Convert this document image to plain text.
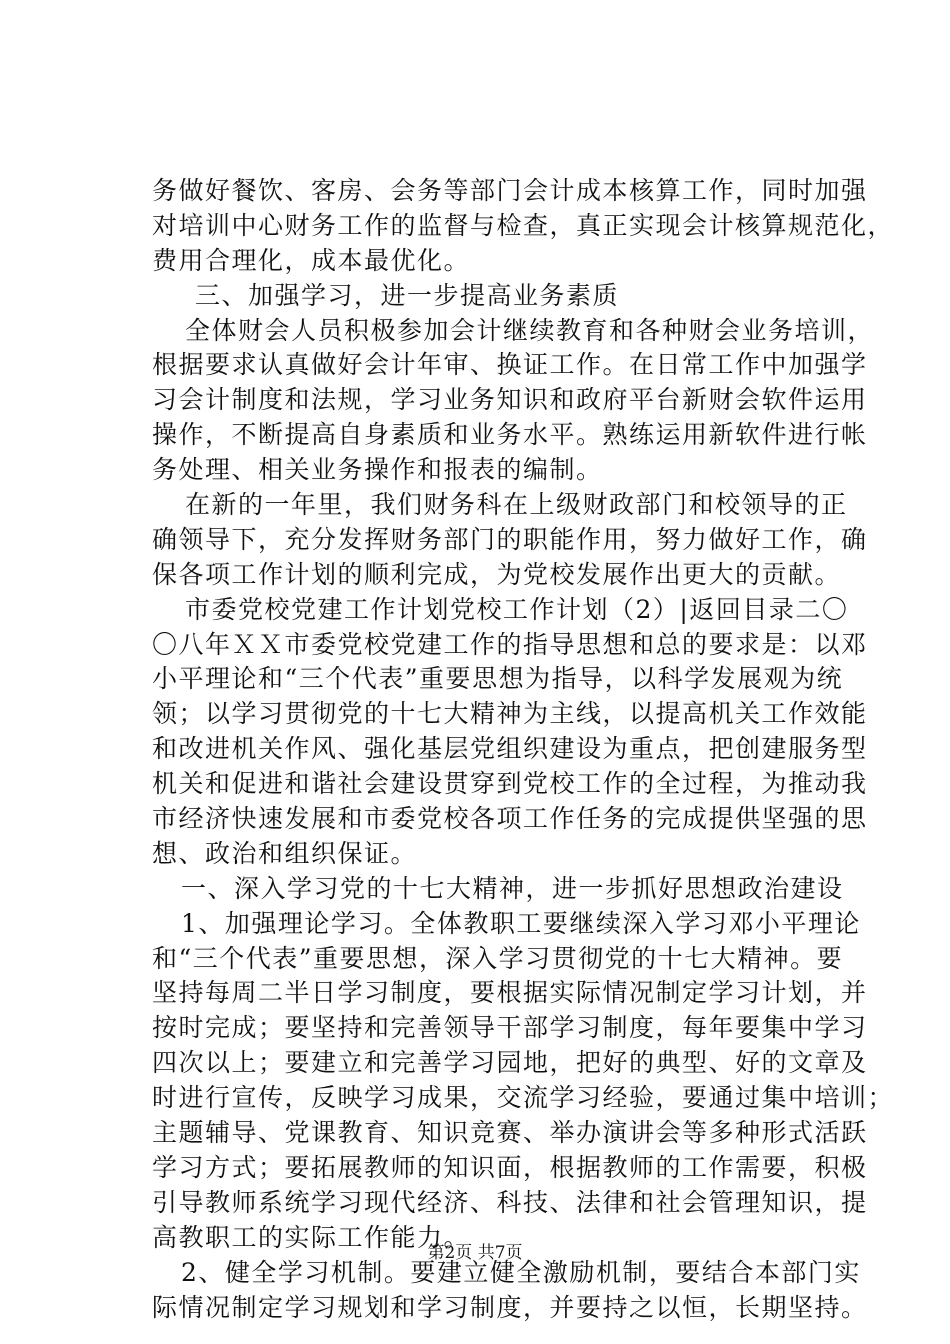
务做好餐饮、客房、会务等部门会计成本核算工作，同时加强
对培训中心财务工作的监督与检查，真正实现会计核算规范化，
费用合理化，成本最优化。
三、加强学习，进一步提高业务素质
全体财会人员积极参加会计继续教育和各种财会业务培训，
根据要求认真做好会计年审、换证工作。在日常工作中加强学
习会计制度和法规，学习业务知识和政府平台新财会软件运用
操作，不断提高自身素质和业务水平。熟练运用新软件进行帐
务处理、相关业务操作和报表的编制。
在新的一年里，我们财务科在上级财政部门和校领导的正
确领导下，充分发挥财务部门的职能作用，努力做好工作，确
保各项工作计划的顺利完成，为党校发展作出更大的贡献。
市委党校党建工作计划党校工作计划（2）|返回目录二〇
〇八年ＸＸ市委党校党建工作的指导思想和总的要求是：以邓
小平理论和“三个代表”重要思想为指导，以科学发展观为统
领；以学习贯彻党的十七大精神为主线，以提高机关工作效能
和改进机关作风、强化基层党组织建设为重点，把创建服务型
机关和促进和谐社会建设贯穿到党校工作的全过程，为推动我
市经济快速发展和市委党校各项工作任务的完成提供坚强的思
想、政治和组织保证。
一、深入学习党的十七大精神，进一步抓好思想政治建设
1、加强理论学习。全体教职工要继续深入学习邓小平理论
和“三个代表”重要思想，深入学习贯彻党的十七大精神。要
坚持每周二半日学习制度，要根据实际情况制定学习计划，并
按时完成；要坚持和完善领导干部学习制度，每年要集中学习
四次以上；要建立和完善学习园地，把好的典型、好的文章及
时进行宣传，反映学习成果，交流学习经验，要通过集中培训；
主题辅导、党课教育、知识竞赛、举办演讲会等多种形式活跃
学习方式；要拓展教师的知识面，根据教师的工作需要，积极
引导教师系统学习现代经济、科技、法律和社会管理知识，提
高教职工的实际工作能力。
2、健全学习机制。要建立健全激励机制，要结合本部门实
际情况制定学习规划和学习制度，并要持之以恒，长期坚持。
第2页 共7页
